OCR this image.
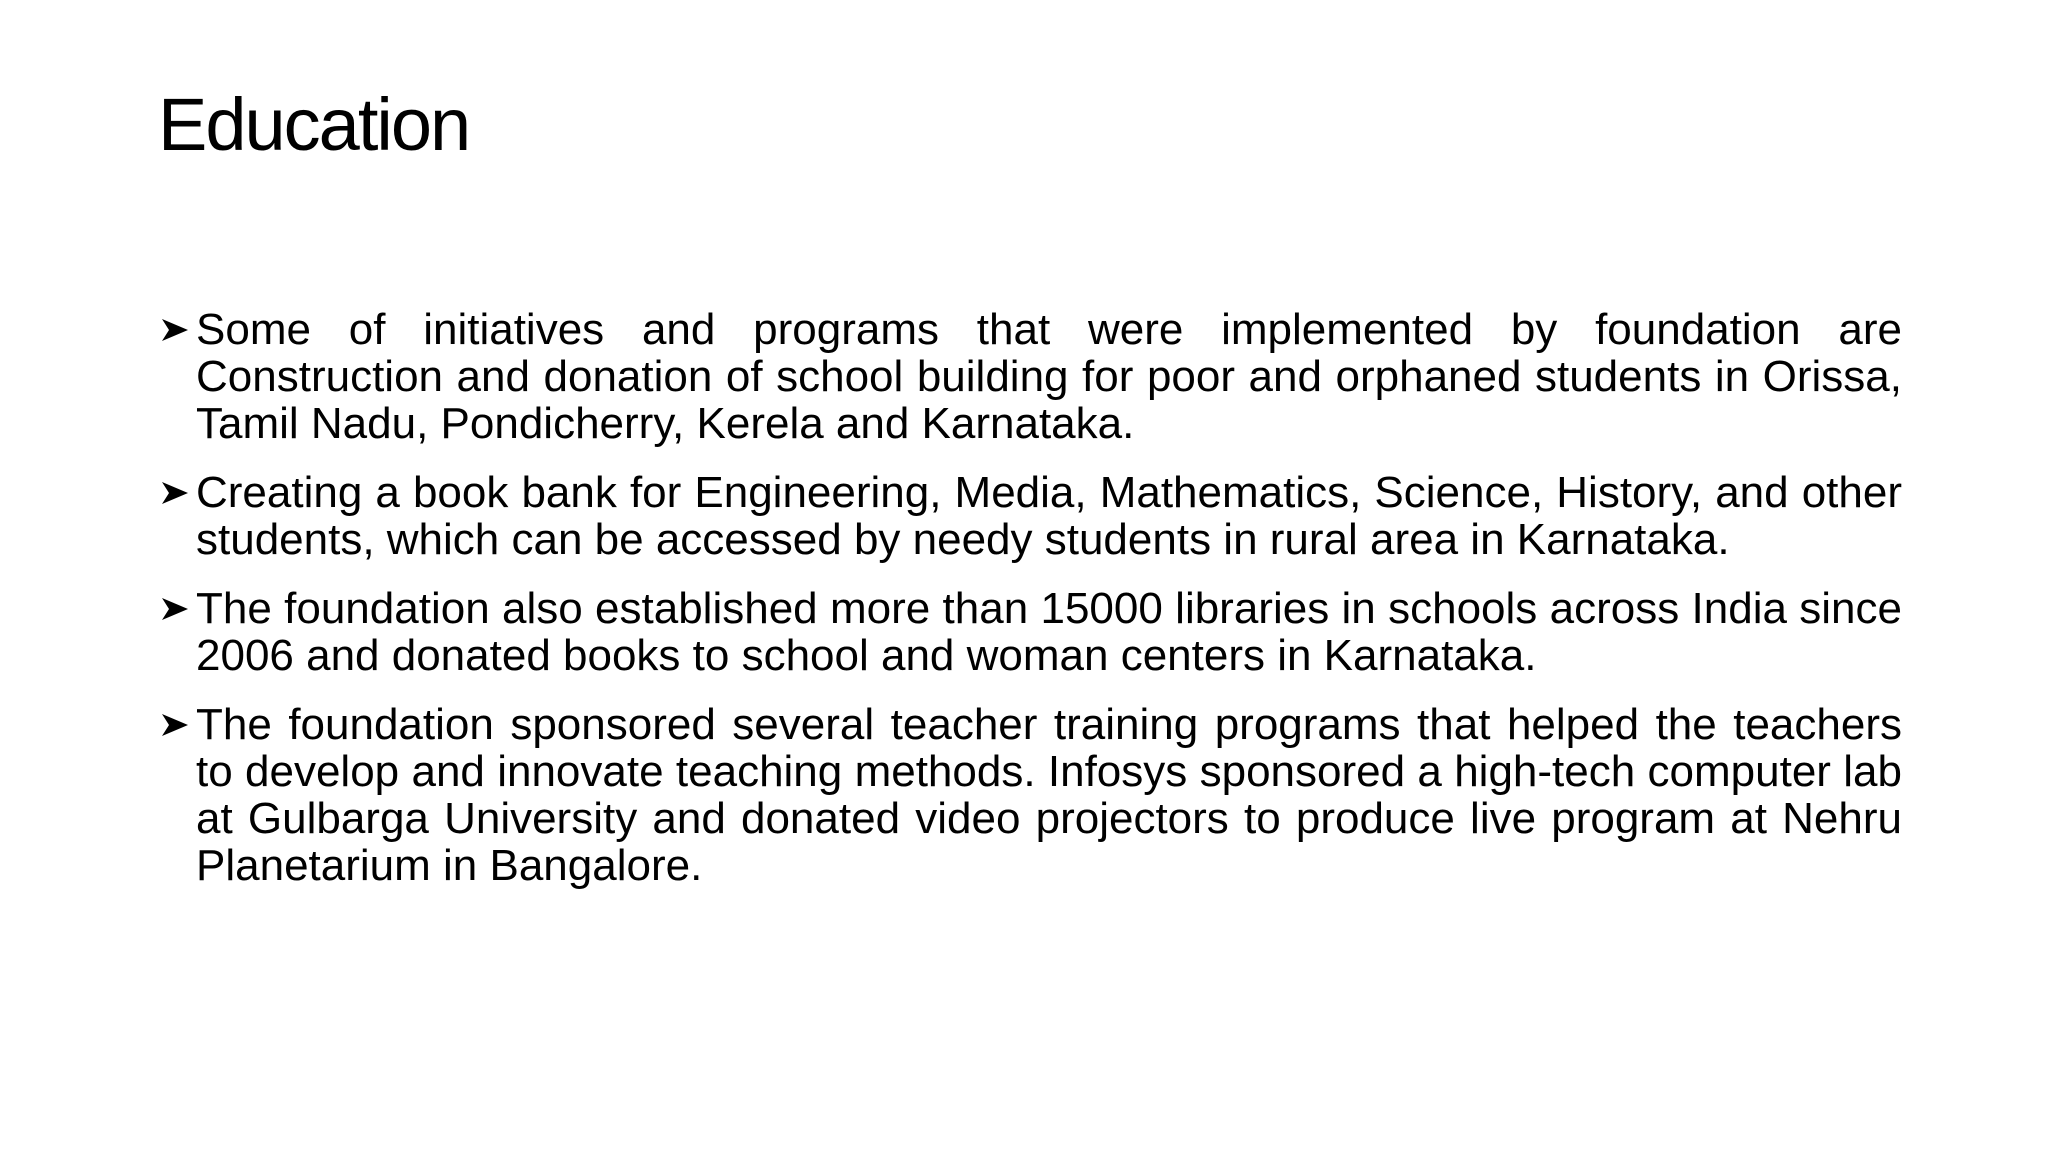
Education
Some of initiatives and programs that were implemented by foundation are Construction and donation of school building for poor and orphaned students in Orissa, Tamil Nadu, Pondicherry, Kerela and Karnataka.
Creating a book bank for Engineering, Media, Mathematics, Science, History, and other students, which can be accessed by needy students in rural area in Karnataka.
The foundation also established more than 15000 libraries in schools across India since 2006 and donated books to school and woman centers in Karnataka.
The foundation sponsored several teacher training programs that helped the teachers to develop and innovate teaching methods. Infosys sponsored a high-tech computer lab at Gulbarga University and donated video projectors to produce live program at Nehru Planetarium in Bangalore.
